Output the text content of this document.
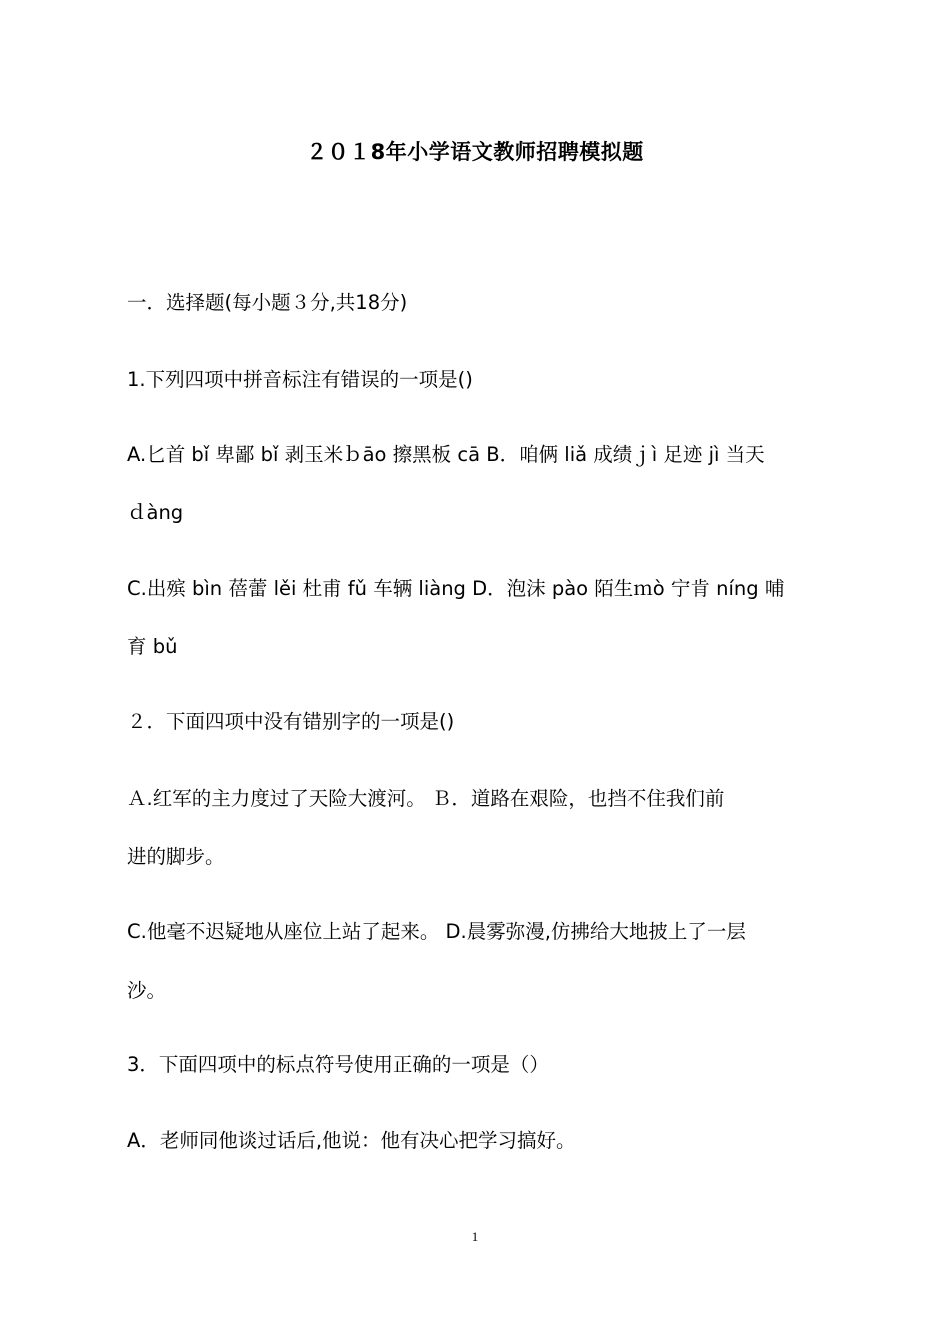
２０１8年小学语文教师招聘模拟题
一．选择题(每小题３分,共18分)
1.下列四项中拼音标注有错误的一项是()
A.匕首 bǐ 卑鄙 bǐ 剥玉米ｂāo 擦黑板 cā B．咱俩 liǎ 成绩ｊì 足迹 jì 当天
ｄàng
C.出殡 bìn 蓓蕾 lěi 杜甫 fǔ 车辆 liàng D．泡沫 pào 陌生ｍò 宁肯 níng 哺
育 bǔ
２．下面四项中没有错别字的一项是()
Ａ.红军的主力度过了天险大渡河。 Ｂ．道路在艰险，也挡不住我们前
进的脚步。
C.他毫不迟疑地从座位上站了起来。 D.晨雾弥漫,仿拂给大地披上了一层
沙。
3．下面四项中的标点符号使用正确的一项是（）
A．老师同他谈过话后,他说：他有决心把学习搞好。
1
